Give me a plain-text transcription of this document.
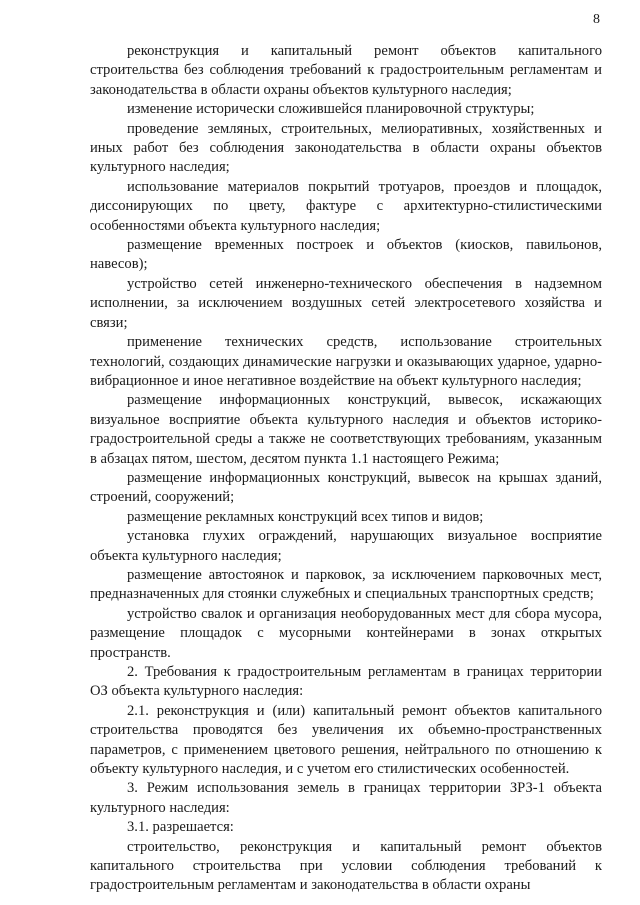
8

реконструкция и капитальный ремонт объектов капитального строительства без соблюдения требований к градостроительным регламентам и законодательства в области охраны объектов культурного наследия;

изменение исторически сложившейся планировочной структуры;

проведение земляных, строительных, мелиоративных, хозяйственных и иных работ без соблюдения законодательства в области охраны объектов культурного наследия;

использование материалов покрытий тротуаров, проездов и площадок, диссонирующих по цвету, фактуре с архитектурно-стилистическими особенностями объекта культурного наследия;

размещение временных построек и объектов (киосков, павильонов, навесов);

устройство сетей инженерно-технического обеспечения в надземном исполнении, за исключением воздушных сетей электросетевого хозяйства и связи;

применение технических средств, использование строительных технологий, создающих динамические нагрузки и оказывающих ударное, ударно-вибрационное и иное негативное воздействие на объект культурного наследия;

размещение информационных конструкций, вывесок, искажающих визуальное восприятие объекта культурного наследия и объектов историко-градостроительной среды а также не соответствующих требованиям, указанным в абзацах пятом, шестом, десятом пункта 1.1 настоящего Режима;

размещение информационных конструкций, вывесок на крышах зданий, строений, сооружений;

размещение рекламных конструкций всех типов и видов;

установка глухих ограждений, нарушающих визуальное восприятие объекта культурного наследия;

размещение автостоянок и парковок, за исключением парковочных мест, предназначенных для стоянки служебных и специальных транспортных средств;

устройство свалок и организация необорудованных мест для сбора мусора, размещение площадок с мусорными контейнерами в зонах открытых пространств.

2. Требования к градостроительным регламентам в границах территории ОЗ объекта культурного наследия:

2.1. реконструкция и (или) капитальный ремонт объектов капитального строительства проводятся без увеличения их объемно-пространственных параметров, с применением цветового решения, нейтрального по отношению к объекту культурного наследия, и с учетом его стилистических особенностей.

3. Режим использования земель в границах территории ЗРЗ-1 объекта культурного наследия:

3.1. разрешается:

строительство, реконструкция и капитальный ремонт объектов капитального строительства при условии соблюдения требований к градостроительным регламентам и законодательства в области охраны
